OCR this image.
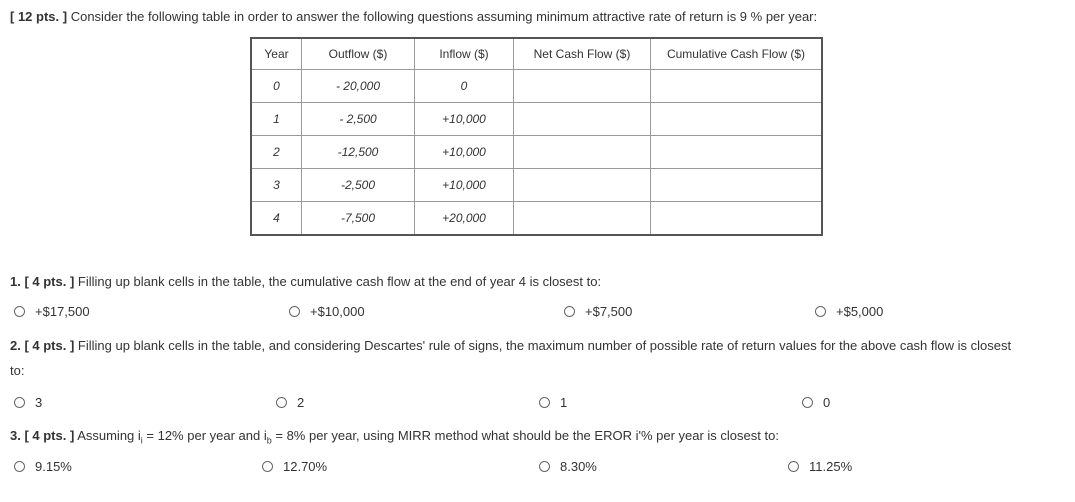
[ 12 pts. ] Consider the following table in order to answer the following questions assuming minimum attractive rate of return is 9 % per year:
Year	Outflow ($)	Inflow ($)	Net Cash Flow ($)	Cumulative Cash Flow ($)
0	- 20,000	0		
1	- 2,500	+10,000		
2	-12,500	+10,000		
3	-2,500	+10,000		
4	-7,500	+20,000		
1. [ 4 pts. ] Filling up blank cells in the table, the cumulative cash flow at the end of year 4 is closest to:
+$17,500	+$10,000	+$7,500	+$5,000
2. [ 4 pts. ] Filling up blank cells in the table, and considering Descartes' rule of signs, the maximum number of possible rate of return values for the above cash flow is closest
to:
3	2	1	0
3. [ 4 pts. ] Assuming $i_i = 12\%$ per year and $i_b = 8\%$ per year, using MIRR method what should be the EROR i'% per year is closest to:
9.15%	12.70%	8.30%	11.25%
